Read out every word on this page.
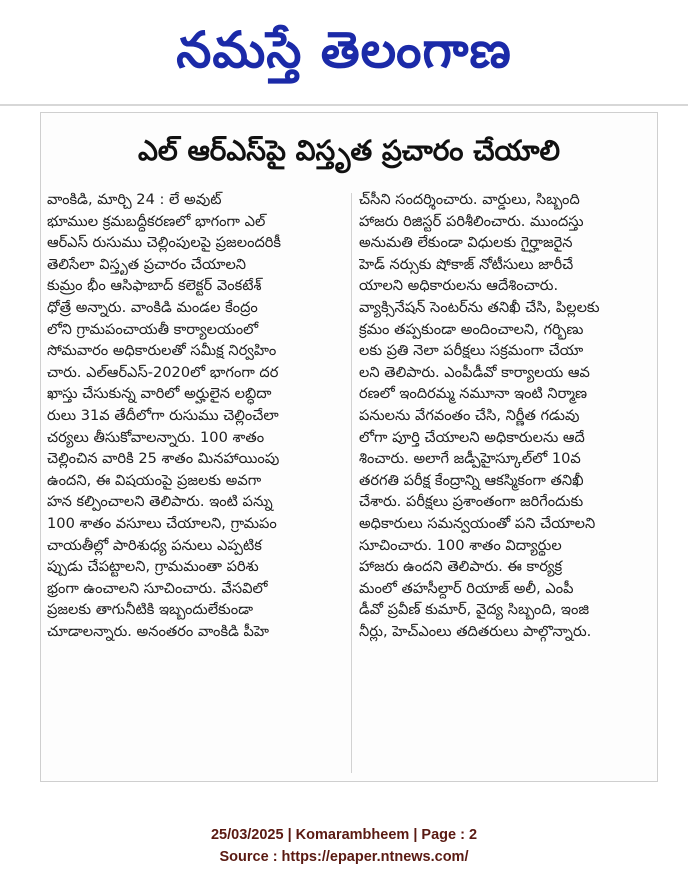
నమస్తే తెలంగాణ
ఎల్ ఆర్ఎస్‌పై విస్తృత ప్రచారం చేయాలి
వాంకిడి, మార్చి 24 : లే అవుట్
భూముల క్రమబద్ధీకరణలో భాగంగా ఎల్
ఆర్ఎస్ రుసుము చెల్లింపులపై ప్రజలందరికీ
తెలిసేలా విస్తృత ప్రచారం చేయాలని
కుమ్రం భీం ఆసిఫాబాద్ కలెక్టర్ వెంకటేశ్
ధోత్రే అన్నారు. వాంకిడి మండల కేంద్రం
లోని గ్రామపంచాయతీ కార్యాలయంలో
సోమవారం అధికారులతో సమీక్ష నిర్వహిం
చారు. ఎల్ఆర్ఎస్-2020లో భాగంగా దర
ఖాస్తు చేసుకున్న వారిలో అర్హులైన లబ్ధిదా
రులు 31వ తేదీలోగా రుసుము చెల్లించేలా
చర్యలు తీసుకోవాలన్నారు. 100 శాతం
చెల్లించిన వారికి 25 శాతం మినహాయింపు
ఉందని, ఈ విషయంపై ప్రజలకు అవగా
హన కల్పించాలని తెలిపారు. ఇంటి పన్ను
100 శాతం వసూలు చేయాలని, గ్రామపం
చాయతీల్లో పారిశుధ్య పనులు ఎప్పటిక
ప్పుడు చేపట్టాలని, గ్రామమంతా పరిశు
భ్రంగా ఉంచాలని సూచించారు. వేసవిలో
ప్రజలకు తాగునీటికి ఇబ్బందులేకుండా
చూడాలన్నారు. అనంతరం వాంకిడి పీహె
చ్‌సీని సందర్శించారు. వార్డులు, సిబ్బంది
హాజరు రిజిస్టర్ పరిశీలించారు. ముందస్తు
అనుమతి లేకుండా విధులకు గైర్హాజరైన
హెడ్ నర్సుకు షోకాజ్ నోటీసులు జారీచే
యాలని అధికారులను ఆదేశించారు.
వ్యాక్సినేషన్ సెంటర్‌ను తనిఖీ చేసి, పిల్లలకు
క్రమం తప్పకుండా అందించాలని, గర్భిణు
లకు ప్రతి నెలా పరీక్షలు సక్రమంగా చేయా
లని తెలిపారు. ఎంపీడీవో కార్యాలయ ఆవ
రణలో ఇందిరమ్మ నమూనా ఇంటి నిర్మాణ
పనులను వేగవంతం చేసి, నిర్ణీత గడువు
లోగా పూర్తి చేయాలని అధికారులను ఆదే
శించారు. అలాగే జడ్పీహైస్కూల్‌లో 10వ
తరగతి పరీక్ష కేంద్రాన్ని ఆకస్మికంగా తనిఖీ
చేశారు. పరీక్షలు ప్రశాంతంగా జరిగేందుకు
అధికారులు సమన్వయంతో పని చేయాలని
సూచించారు. 100 శాతం విద్యార్థుల
హాజరు ఉందని తెలిపారు. ఈ కార్యక్ర
మంలో తహసీల్దార్ రియాజ్ అలీ, ఎంపీ
డీవో ప్రవీణ్ కుమార్, వైద్య సిబ్బంది, ఇంజి
నీర్లు, హెచ్‌ఎంలు తదితరులు పాల్గొన్నారు.
25/03/2025 | Komarambheem | Page : 2
Source : https://epaper.ntnews.com/
